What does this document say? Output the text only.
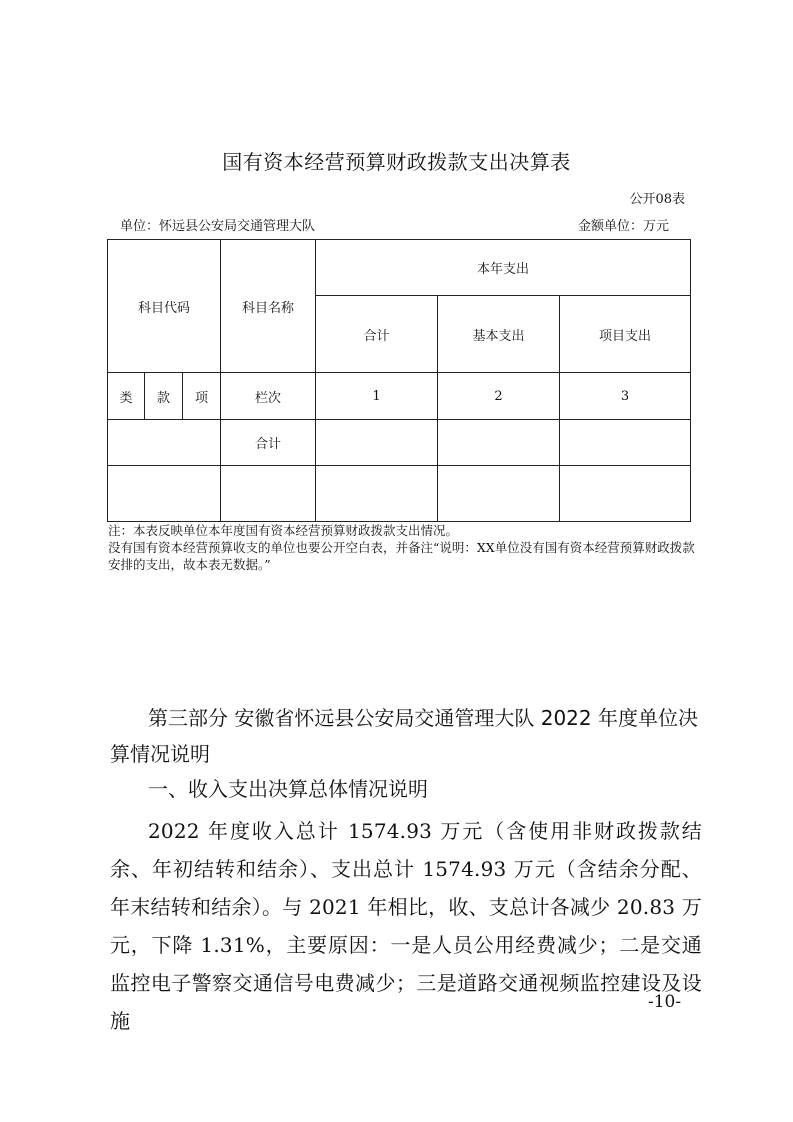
国有资本经营预算财政拨款支出决算表
公开08表
单位：怀远县公安局交通管理大队	金额单位：万元
科目代码			科目名称	本年支出		
				合计	基本支出	项目支出
类	款	项	栏次	1	2	3
			合计			

注：本表反映单位本年度国有资本经营预算财政拨款支出情况。

没有国有资本经营预算收支的单位也要公开空白表，并备注“说明：XX单位没有国有资本经营预算财政拨款安排的支出，故本表无数据。”

第三部分 安徽省怀远县公安局交通管理大队 2022 年度单位决算情况说明
一、收入支出决算总体情况说明
2022 年度收入总计 1574.93 万元（含使用非财政拨款结余、年初结转和结余）、支出总计 1574.93 万元（含结余分配、年末结转和结余）。与 2021 年相比，收、支总计各减少 20.83 万元，下降 1.31%，主要原因：一是人员公用经费减少；二是交通监控电子警察交通信号电费减少；三是道路交通视频监控建设及设施
-10-
